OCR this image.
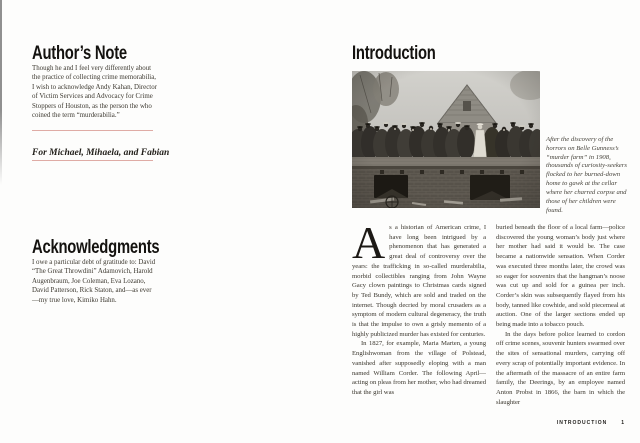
Author’s Note

Though he and I feel very differently about the practice of collecting crime memorabilia, I wish to acknowledge Andy Kahan, Director of Victim Services and Advocacy for Crime Stoppers of Houston, as the person the who coined the term “murderabilia.”

For Michael, Mihaela, and Fabian

Acknowledgments

I owe a particular debt of gratitude to: David “The Great Throwdini” Adamovich, Harold Augenbraum, Joe Coleman, Eva Lozano, David Patterson, Rick Staton, and—as ever—my true love, Kimiko Hahn.

Introduction

After the discovery of the horrors on Belle Gunness’s “murder farm” in 1908, thousands of curiosity-seekers flocked to her burned-down home to gawk at the cellar where her charred corpse and those of her children were found.

As a historian of American crime, I have long been intrigued by a phenomenon that has generated a great deal of controversy over the years: the trafficking in so-called murderabilia, morbid collectibles ranging from John Wayne Gacy clown paintings to Christmas cards signed by Ted Bundy, which are sold and traded on the internet. Though decried by moral crusaders as a symptom of modern cultural degeneracy, the truth is that the impulse to own a grisly memento of a highly publicized murder has existed for centuries.

In 1827, for example, Maria Marten, a young Englishwoman from the village of Polstead, vanished after supposedly eloping with a man named William Corder. The following April—acting on pleas from her mother, who had dreamed that the girl was

buried beneath the floor of a local farm—police discovered the young woman’s body just where her mother had said it would be. The case became a nationwide sensation. When Corder was executed three months later, the crowd was so eager for souvenirs that the hangman’s noose was cut up and sold for a guinea per inch. Corder’s skin was subsequently flayed from his body, tanned like cowhide, and sold piecemeal at auction. One of the larger sections ended up being made into a tobacco pouch.

In the days before police learned to cordon off crime scenes, souvenir hunters swarmed over the sites of sensational murders, carrying off every scrap of potentially important evidence. In the aftermath of the massacre of an entire farm family, the Deerings, by an employee named Anton Probst in 1866, the barn in which the slaughter

INTRODUCTION	1
